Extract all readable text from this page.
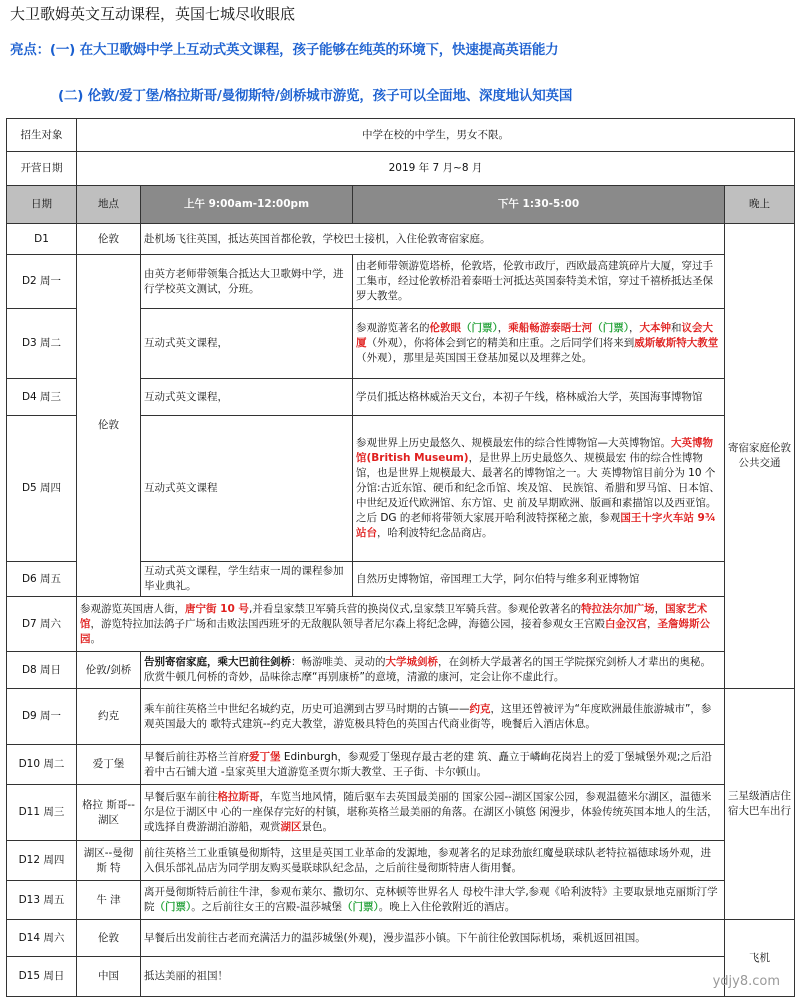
大卫歌姆英文互动课程，英国七城尽收眼底
亮点：(一) 在大卫歌姆中学上互动式英文课程，孩子能够在纯英的环境下，快速提高英语能力
(二) 伦敦/爱丁堡/格拉斯哥/曼彻斯特/剑桥城市游览，孩子可以全面地、深度地认知英国
招生对象	中学在校的中学生，男女不限。			
开营日期	2019 年 7 月~8 月			
日期	地点	上午 9:00am-12:00pm	下午 1:30-5:00	晚上
D1	伦敦	赴机场飞往英国，抵达英国首都伦敦，学校巴士接机，入住伦敦寄宿家庭。		寄宿家庭伦敦公共交通
D2 周一	伦敦	由英方老师带领集合抵达大卫歌姆中学，进行学校英文测试，分班。	由老师带领游览塔桥，伦敦塔，伦敦市政厅，西欧最高建筑碎片大厦，穿过手工集市，经过伦敦桥沿着泰晤士河抵达英国泰特美术馆，穿过千禧桥抵达圣保罗大教堂。	
D3 周二		互动式英文课程，	参观游览著名的伦敦眼（门票），乘船畅游泰晤士河（门票），大本钟和议会大厦（外观），你将体会到它的精美和庄重。之后同学们将来到威斯敏斯特大教堂（外观），那里是英国国王登基加冕以及埋葬之处。	
D4 周三		互动式英文课程，	学员们抵达格林威治天文台，本初子午线，格林威治大学，英国海事博物馆	
D5 周四		互动式英文课程	参观世界上历史最悠久、规模最宏伟的综合性博物馆—大英博物馆。大英博物馆(British Museum)，是世界上历史最悠久、规模最宏 伟的综合性博物馆，也是世界上规模最大、最著名的博物馆之一。大 英博物馆目前分为 10 个分馆:古近东馆、硬币和纪念币馆、埃及馆、 民族馆、希腊和罗马馆、日本馆、中世纪及近代欧洲馆、东方馆、史 前及早期欧洲、版画和素描馆以及西亚馆。之后 DG 的老师将带领大家展开哈利波特探秘之旅，参观国王十字火车站 9¾站台，哈利波特纪念品商店。	
D6 周五		互动式英文课程，学生结束一周的课程参加毕业典礼。	自然历史博物馆，帝国理工大学，阿尔伯特与维多利亚博物馆	
D7 周六	参观游览英国唐人街，唐宁街 10 号,并看皇家禁卫军骑兵营的换岗仪式,皇家禁卫军骑兵营。参观伦敦著名的特拉法尔加广场，国家艺术馆，游览特拉加法鸽子广场和击败法国西班牙的无敌舰队领导者尼尔森上将纪念碑，海德公园，接着参观女王宫殿白金汉宫，圣詹姆斯公园。			
D8 周日	伦敦/剑桥	告别寄宿家庭，乘大巴前往剑桥：畅游唯美、灵动的大学城剑桥，在剑桥大学最著名的国王学院探究剑桥人才辈出的奥秘。欣赏牛顿几何桥的奇妙，品味徐志摩“再别康桥”的意境，清澈的康河，定会让你不虚此行。		
D9 周一	约克	乘车前往英格兰中世纪名城约克，历史可追溯到古罗马时期的古镇——约克，这里还曾被评为“年度欧洲最佳旅游城市”，参观英国最大的 歌特式建筑--约克大教堂，游览极具特色的英国古代商业街等，晚餐后入酒店休息。		三星级酒店住宿大巴车出行
D10 周二	爱丁堡	早餐后前往苏格兰首府爱丁堡 Edinburgh，参观爱丁堡现存最古老的建 筑、矗立于嶙峋花岗岩上的爱丁堡城堡外观;之后沿着中古石铺大道 -皇家英里大道游览圣贾尔斯大教堂、王子街、卡尔顿山。		
D11 周三	格拉 斯哥--湖区	早餐后驱车前往格拉斯哥，车览当地风情，随后驱车去英国最美丽的 国家公园--湖区国家公园，参观温德米尔湖区，温德米尔是位于湖区中 心的一座保存完好的村镇，堪称英格兰最美丽的角落。在湖区小镇悠 闲漫步，体验传统英国本地人的生活，或选择自费游湖泊游船，观赏湖区景色。		
D12 周四	湖区--曼彻斯 特	前往英格兰工业重镇曼彻斯特，这里是英国工业革命的发源地，参观著名的足球劲旅红魔曼联球队老特拉福德球场外观，进入俱乐部礼品店为同学朋友购买曼联球队纪念品，之后前往曼彻斯特唐人街用餐。		
D13 周五	牛 津	离开曼彻斯特后前往牛津，参观布莱尔、撒切尔、克林顿等世界名人 母校牛津大学,参观《哈利波特》主要取景地克丽斯汀学院（门票）。之后前往女王的宫殿-温莎城堡（门票）。晚上入住伦敦附近的酒店。		
D14 周六	伦敦	早餐后出发前往古老而充满活力的温莎城堡(外观)，漫步温莎小镇。下午前往伦敦国际机场，乘机返回祖国。		飞机
D15 周日	中国	抵达美丽的祖国！			ydjy8.com
